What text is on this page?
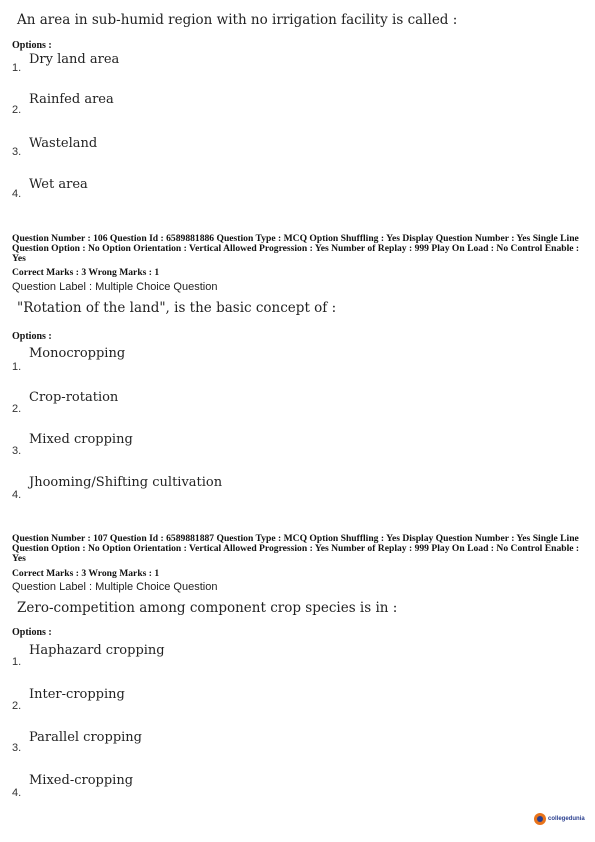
An area in sub-humid region with no irrigation facility is called :
Options :
1.
Dry land area
2.
Rainfed area
3.
Wasteland
4.
Wet area
Question Number : 106 Question Id : 6589881886 Question Type : MCQ Option Shuffling : Yes Display Question Number : Yes Single Line Question Option : No Option Orientation : Vertical Allowed Progression : Yes Number of Replay : 999 Play On Load : No Control Enable : Yes
Correct Marks : 3 Wrong Marks : 1
Question Label : Multiple Choice Question
"Rotation of the land", is the basic concept of :
Options :
1.
Monocropping
2.
Crop-rotation
3.
Mixed cropping
4.
Jhooming/Shifting cultivation
Question Number : 107 Question Id : 6589881887 Question Type : MCQ Option Shuffling : Yes Display Question Number : Yes Single Line Question Option : No Option Orientation : Vertical Allowed Progression : Yes Number of Replay : 999 Play On Load : No Control Enable : Yes
Correct Marks : 3 Wrong Marks : 1
Question Label : Multiple Choice Question
Zero-competition among component crop species is in :
Options :
1.
Haphazard cropping
2.
Inter-cropping
3.
Parallel cropping
4.
Mixed-cropping
collegedunia
